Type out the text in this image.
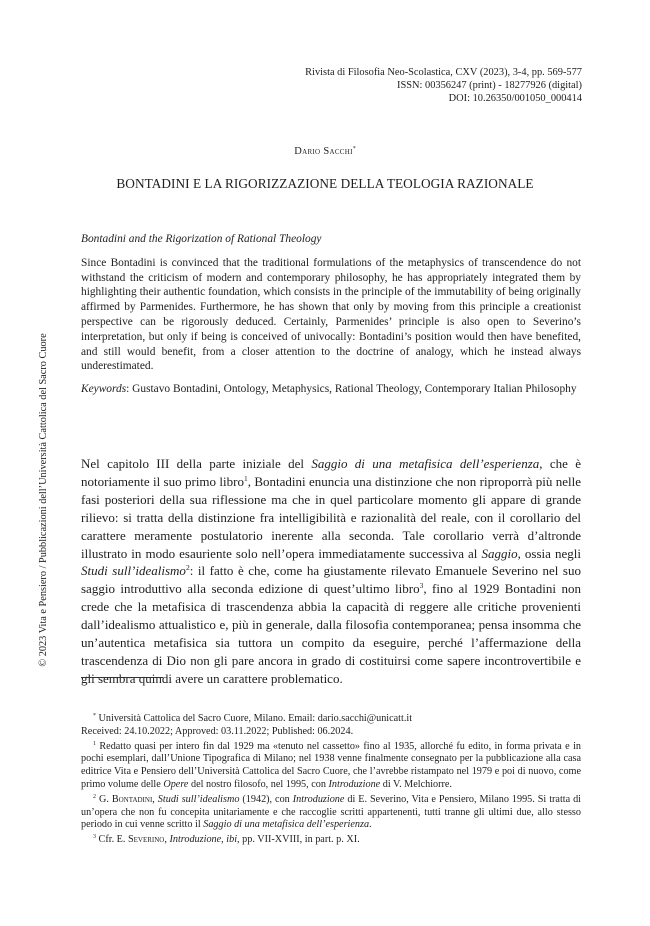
Rivista di Filosofia Neo-Scolastica, CXV (2023), 3-4, pp. 569-577
ISSN: 00356247 (print) - 18277926 (digital)
DOI: 10.26350/001050_000414
Dario Sacchi*
BONTADINI E LA RIGORIZZAZIONE DELLA TEOLOGIA RAZIONALE

Bontadini and the Rigorization of Rational Theology

Since Bontadini is convinced that the traditional formulations of the metaphysics of transcendence do not withstand the criticism of modern and contemporary philosophy, he has appropriately integrated them by highlighting their authentic foundation, which consists in the principle of the immutability of being originally affirmed by Parmenides. Furthermore, he has shown that only by moving from this principle a creationist perspective can be rigorously deduced. Certainly, Parmenides’ principle is also open to Severino’s interpretation, but only if being is conceived of univocally: Bontadini’s position would then have benefited, and still would benefit, from a closer attention to the doctrine of analogy, which he instead always underestimated.

Keywords: Gustavo Bontadini, Ontology, Metaphysics, Rational Theology, Contemporary Italian Philosophy

Nel capitolo III della parte iniziale del Saggio di una metafisica dell’esperienza, che è notoriamente il suo primo libro$^1$, Bontadini enuncia una distinzione che non riproporrà più nelle fasi posteriori della sua riflessione ma che in quel particolare momento gli appare di grande rilievo: si tratta della distinzione fra intelligibilità e razionalità del reale, con il corollario del carattere meramente postulatorio inerente alla seconda. Tale corollario verrà d’altronde illustrato in modo esauriente solo nell’opera immediatamente successiva al Saggio, ossia negli Studi sull’idealismo$^2$: il fatto è che, come ha giustamente rilevato Emanuele Severino nel suo saggio introduttivo alla seconda edizione di quest’ultimo libro$^3$, fino al 1929 Bontadini non crede che la metafisica di trascendenza abbia la capacità di reggere alle critiche provenienti dall’idealismo attualistico e, più in generale, dalla filosofia contemporanea; pensa insomma che un’autentica metafisica sia tuttora un compito da eseguire, perché l’affermazione della trascendenza di Dio non gli pare ancora in grado di costituirsi come sapere incontrovertibile e gli sembra quindi avere un carattere problematico.

* Università Cattolica del Sacro Cuore, Milano. Email: dario.sacchi@unicatt.it
Received: 24.10.2022; Approved: 03.11.2022; Published: 06.2024.

$^1$ Redatto quasi per intero fin dal 1929 ma «tenuto nel cassetto» fino al 1935, allorché fu edito, in forma privata e in pochi esemplari, dall’Unione Tipografica di Milano; nel 1938 venne finalmente consegnato per la pubblicazione alla casa editrice Vita e Pensiero dell’Università Cattolica del Sacro Cuore, che l’avrebbe ristampato nel 1979 e poi di nuovo, come primo volume delle Opere del nostro filosofo, nel 1995, con Introduzione di V. Melchiorre.

$^2$ G. Bontadini, Studi sull’idealismo (1942), con Introduzione di E. Severino, Vita e Pensiero, Milano 1995. Si tratta di un’opera che non fu concepita unitariamente e che raccoglie scritti appartenenti, tutti tranne gli ultimi due, allo stesso periodo in cui venne scritto il Saggio di una metafisica dell’esperienza.

$^3$ Cfr. E. Severino, Introduzione, ibi, pp. VII-XVIII, in part. p. XI.

© 2023 Vita e Pensiero / Pubblicazioni dell’Università Cattolica del Sacro Cuore
